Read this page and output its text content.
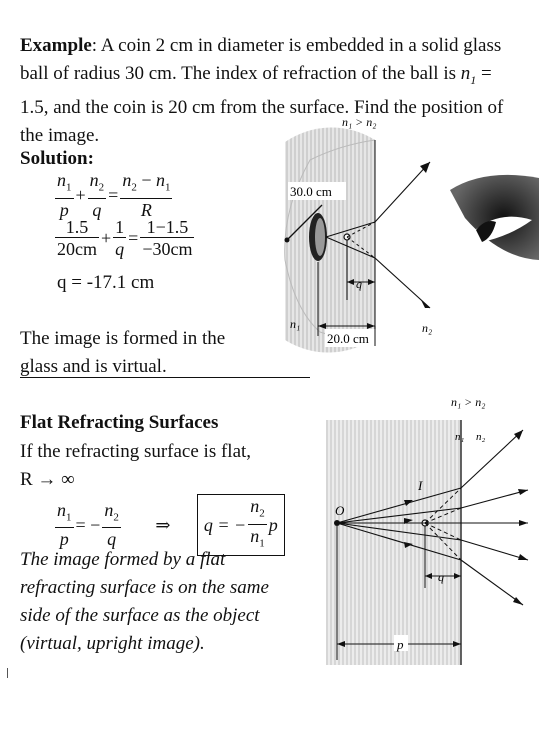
Example: A coin 2 cm in diameter is embedded in a solid glass
ball of radius 30 cm. The index of refraction of the ball is $n_1$ =
1.5, and the coin is 20 cm from the surface. Find the position of
the image.
Solution:
$\frac{n_1}{p} + \frac{n_2}{q} = \frac{n_2 - n_1}{R}$
$\frac{1.5}{20cm} + \frac{1}{q} = \frac{1-1.5}{-30cm}$
q = -17.1 cm
The image is formed in the
glass and is virtual.
n₁ > n₂
30.0 cm
q
20.0 cm
n₁	n₂
Flat Refracting Surfaces
If the refracting surface is flat,
R → ∞
$\frac{n_1}{p}$ = − $\frac{n_2}{q}$ ⇒ q = − $\frac{n_2}{n_1}$ p
The image formed by a flat
refracting surface is on the same
side of the surface as the object
(virtual, upright image).
n₁ > n₂
n₁ n₂
O
I
q
p
